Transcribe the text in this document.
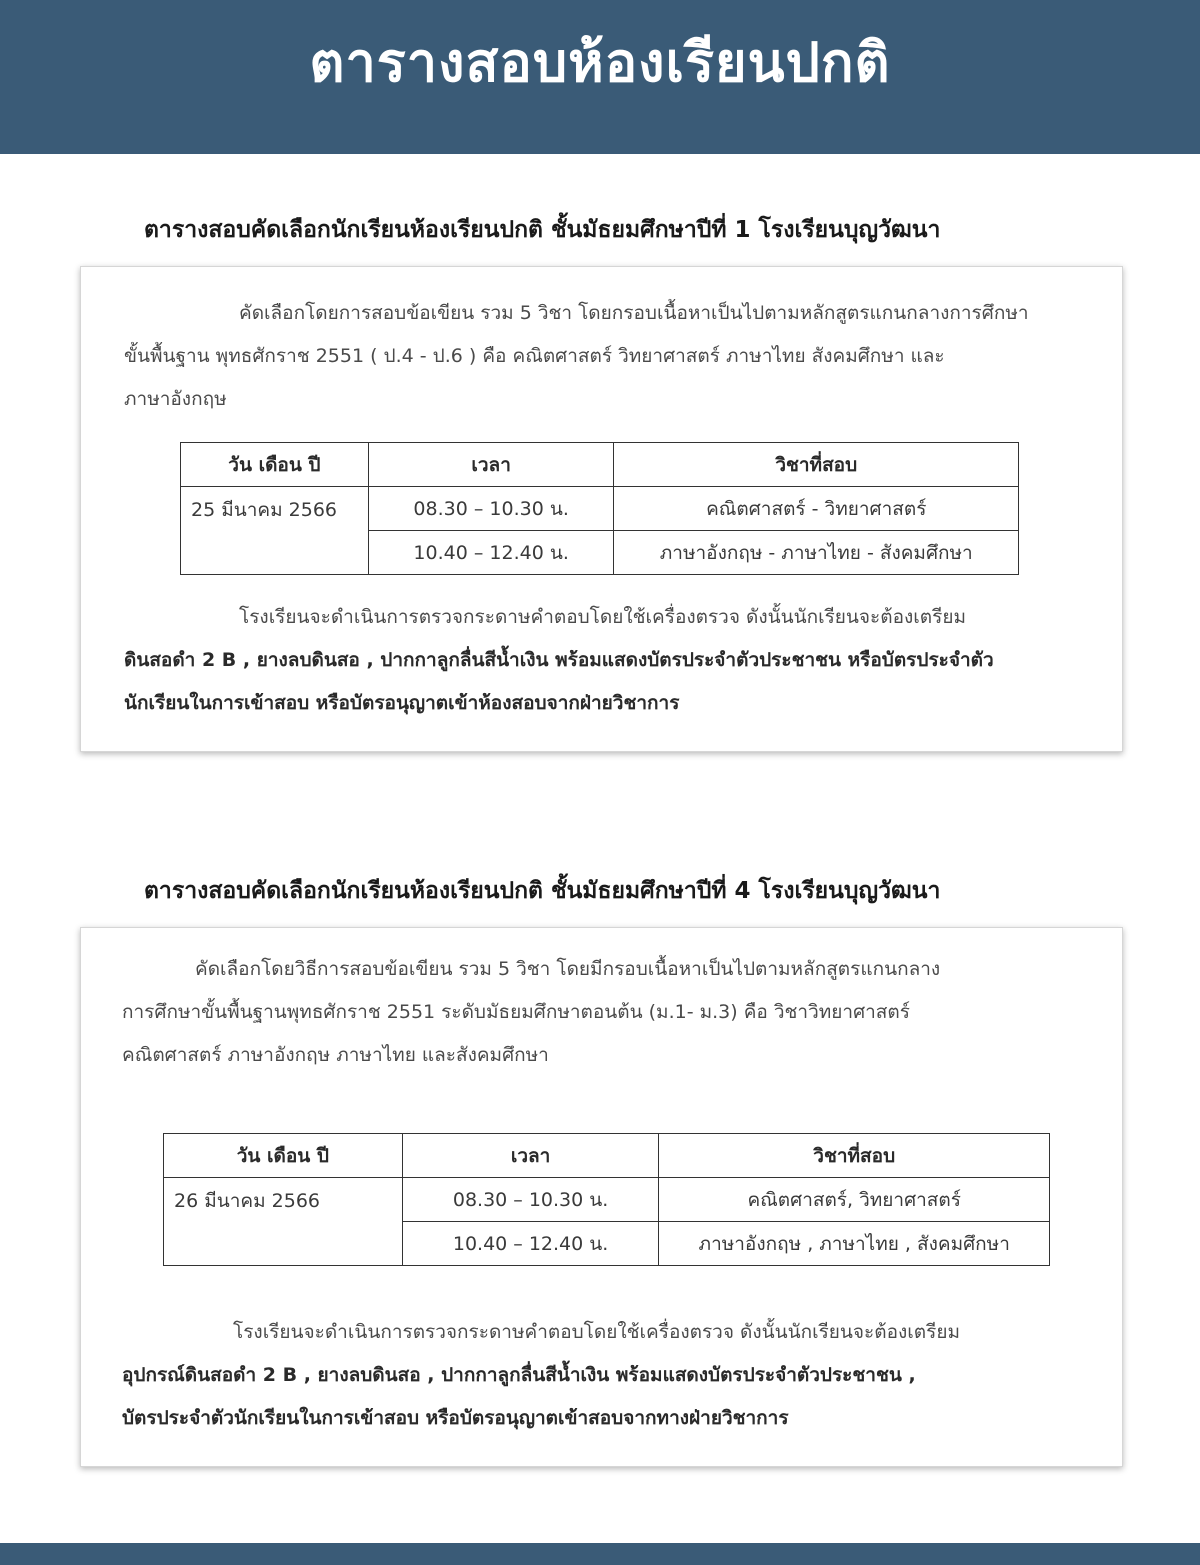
ตารางสอบห้องเรียนปกติ
ตารางสอบคัดเลือกนักเรียนห้องเรียนปกติ ชั้นมัธยมศึกษาปีที่ 1 โรงเรียนบุญวัฒนา
คัดเลือกโดยการสอบข้อเขียน รวม 5 วิชา โดยกรอบเนื้อหาเป็นไปตามหลักสูตรแกนกลางการศึกษา
ขั้นพื้นฐาน พุทธศักราช 2551 ( ป.4 - ป.6 ) คือ คณิตศาสตร์ วิทยาศาสตร์ ภาษาไทย สังคมศึกษา และ
ภาษาอังกฤษ
วัน เดือน ปี	เวลา	วิชาที่สอบ
25 มีนาคม 2566	08.30 – 10.30 น.	คณิตศาสตร์ - วิทยาศาสตร์
	10.40 – 12.40 น.	ภาษาอังกฤษ - ภาษาไทย - สังคมศึกษา
โรงเรียนจะดำเนินการตรวจกระดาษคำตอบโดยใช้เครื่องตรวจ ดังนั้นนักเรียนจะต้องเตรียม
ดินสอดำ 2 B , ยางลบดินสอ , ปากกาลูกลื่นสีน้ำเงิน พร้อมแสดงบัตรประจำตัวประชาชน หรือบัตรประจำตัว
นักเรียนในการเข้าสอบ หรือบัตรอนุญาตเข้าห้องสอบจากฝ่ายวิชาการ
ตารางสอบคัดเลือกนักเรียนห้องเรียนปกติ ชั้นมัธยมศึกษาปีที่ 4 โรงเรียนบุญวัฒนา
คัดเลือกโดยวิธีการสอบข้อเขียน รวม 5 วิชา โดยมีกรอบเนื้อหาเป็นไปตามหลักสูตรแกนกลาง
การศึกษาขั้นพื้นฐานพุทธศักราช 2551 ระดับมัธยมศึกษาตอนต้น (ม.1- ม.3) คือ วิชาวิทยาศาสตร์
คณิตศาสตร์ ภาษาอังกฤษ ภาษาไทย และสังคมศึกษา
วัน เดือน ปี	เวลา	วิชาที่สอบ
26 มีนาคม 2566	08.30 – 10.30 น.	คณิตศาสตร์, วิทยาศาสตร์
	10.40 – 12.40 น.	ภาษาอังกฤษ , ภาษาไทย , สังคมศึกษา
โรงเรียนจะดำเนินการตรวจกระดาษคำตอบโดยใช้เครื่องตรวจ ดังนั้นนักเรียนจะต้องเตรียม
อุปกรณ์ดินสอดำ 2 B , ยางลบดินสอ , ปากกาลูกลื่นสีน้ำเงิน พร้อมแสดงบัตรประจำตัวประชาชน ,
บัตรประจำตัวนักเรียนในการเข้าสอบ หรือบัตรอนุญาตเข้าสอบจากทางฝ่ายวิชาการ
